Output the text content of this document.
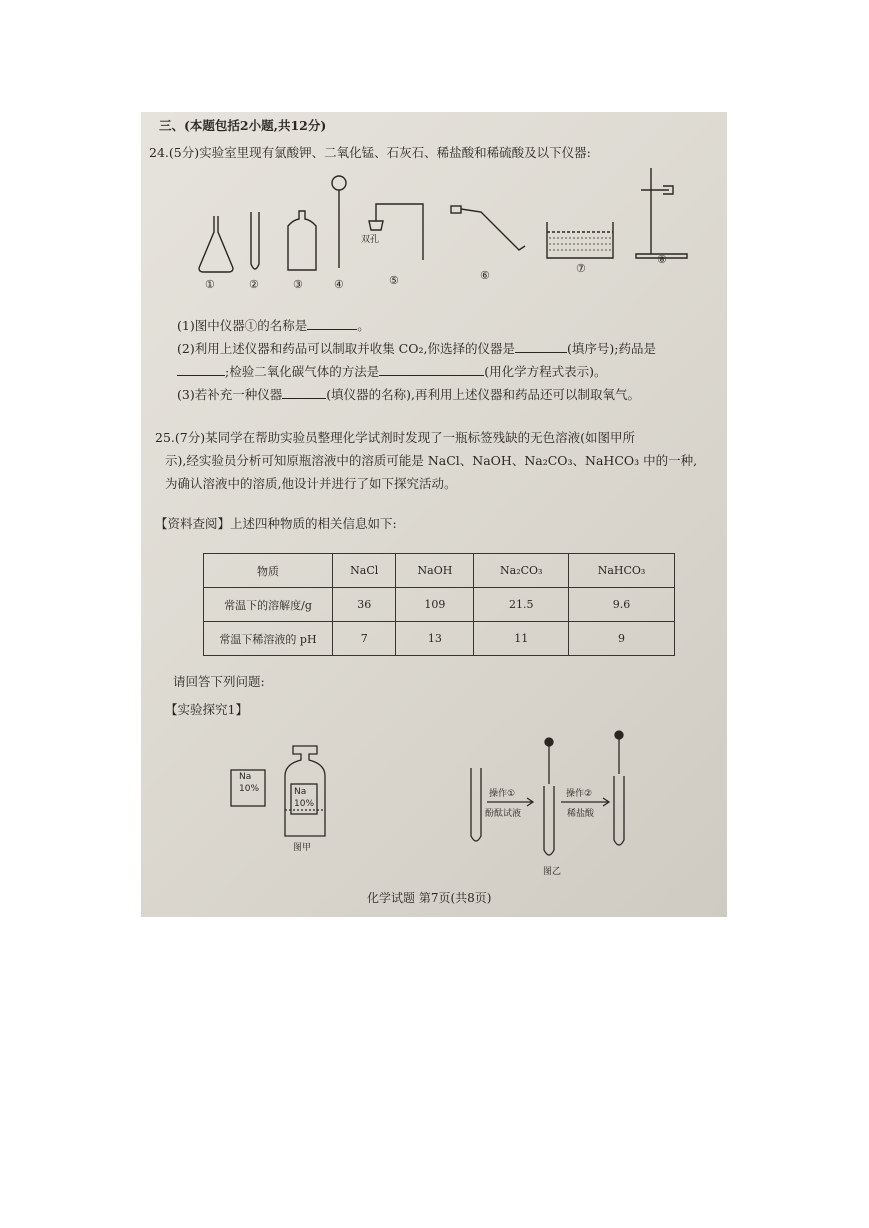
三、(本题包括2小题,共12分)
24.(5分)实验室里现有氯酸钾、二氧化锰、石灰石、稀盐酸和稀硫酸及以下仪器:
①	②	③	④	⑤	⑥
⑦
⑧
双孔
(1)图中仪器①的名称是	。
(2)利用上述仪器和药品可以制取并收集 CO₂,你选择的仪器是	(填序号);药品是
;检验二氧化碳气体的方法是	(用化学方程式表示)。
(3)若补充一种仪器	(填仪器的名称),再利用上述仪器和药品还可以制取氧气。
25.(7分)某同学在帮助实验员整理化学试剂时发现了一瓶标签残缺的无色溶液(如图甲所
示),经实验员分析可知原瓶溶液中的溶质可能是 NaCl、NaOH、Na₂CO₃、NaHCO₃ 中的一种,
为确认溶液中的溶质,他设计并进行了如下探究活动。
【资料查阅】上述四种物质的相关信息如下:
物质	NaCl	NaOH	Na₂CO₃	NaHCO₃
常温下的溶解度/g	36	109	21.5	9.6
常温下稀溶液的 pH	7	13	11	9
请回答下列问题:
【实验探究1】
Na
10%	Na
10%
图甲
操作①
酚酞试液
操作②
稀盐酸
图乙
化学试题 第7页(共8页)
